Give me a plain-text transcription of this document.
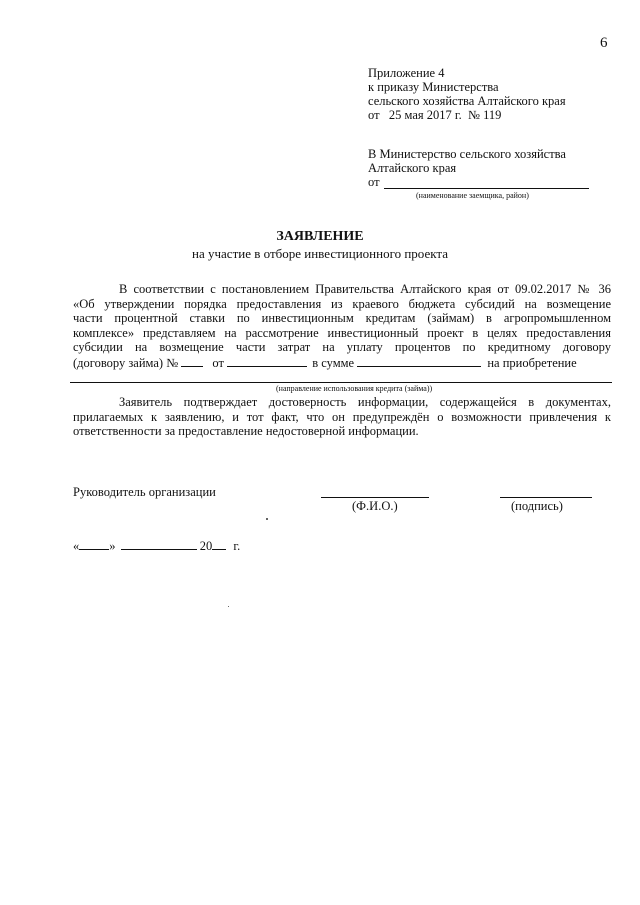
6
Приложение 4
к приказу Министерства
сельского хозяйства Алтайского края
от   25 мая 2017 г.  № 119
В Министерство сельского хозяйства
Алтайского края
от
(наименование заемщика, район)
ЗАЯВЛЕНИЕ
на участие в отборе инвестиционного проекта
В соответствии с постановлением Правительства Алтайского края от 09.02.2017 № 36
«Об утверждении порядка предоставления из краевого бюджета субсидий на возмещение
части процентной ставки по инвестиционным кредитам (займам) в агропромышленном
комплексе» представляем на рассмотрение инвестиционный проект в целях предоставления
субсидии на возмещение части затрат на уплату процентов по кредитному договору
(договору займа) №	от	в сумме	на приобретение
(направление использования кредита (займа))
Заявитель подтверждает достоверность информации, содержащейся в документах,
прилагаемых к заявлению, и тот факт, что он предупреждён о возможности привлечения к
ответственности за предоставление недостоверной информации.
Руководитель организации
(Ф.И.О.)	(подпись)
« »	20 г.
